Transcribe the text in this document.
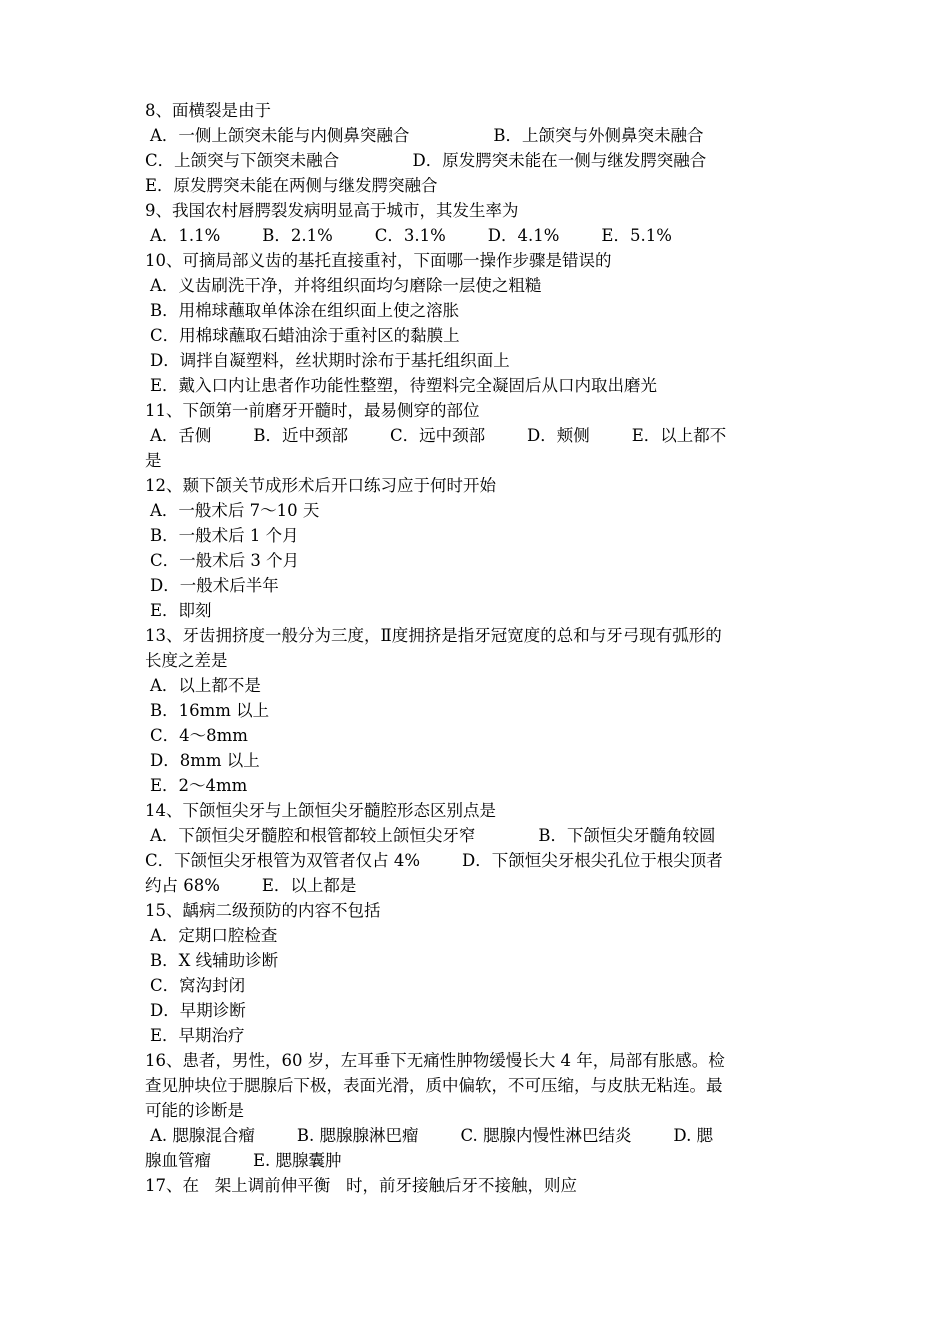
8、面横裂是由于
A．一侧上颌突未能与内侧鼻突融合                B．上颌突与外侧鼻突未融合
C．上颌突与下颌突未融合              D．原发腭突未能在一侧与继发腭突融合
E．原发腭突未能在两侧与继发腭突融合
9、我国农村唇腭裂发病明显高于城市，其发生率为
A．1.1%        B．2.1%        C．3.1%        D．4.1%        E．5.1%
10、可摘局部义齿的基托直接重衬，下面哪一操作步骤是错误的
A．义齿刷洗干净，并将组织面均匀磨除一层使之粗糙
B．用棉球蘸取单体涂在组织面上使之溶胀
C．用棉球蘸取石蜡油涂于重衬区的黏膜上
D．调拌自凝塑料，丝状期时涂布于基托组织面上
E．戴入口内让患者作功能性整塑，待塑料完全凝固后从口内取出磨光
11、下颌第一前磨牙开髓时，最易侧穿的部位
A．舌侧        B．近中颈部        C．远中颈部        D．颊侧        E．以上都不
是
12、颞下颌关节成形术后开口练习应于何时开始
A．一般术后 7～10 天
B．一般术后 1 个月
C．一般术后 3 个月
D．一般术后半年
E．即刻
13、牙齿拥挤度一般分为三度，Ⅱ度拥挤是指牙冠宽度的总和与牙弓现有弧形的
长度之差是
A．以上都不是
B．16mm 以上
C．4～8mm
D．8mm 以上
E．2～4mm
14、下颌恒尖牙与上颌恒尖牙髓腔形态区别点是
A．下颌恒尖牙髓腔和根管都较上颌恒尖牙窄            B．下颌恒尖牙髓角较圆
C．下颌恒尖牙根管为双管者仅占 4%        D．下颌恒尖牙根尖孔位于根尖顶者
约占 68%        E．以上都是
15、龋病二级预防的内容不包括
A．定期口腔检查
B．X 线辅助诊断
C．窝沟封闭
D．早期诊断
E．早期治疗
16、患者，男性，60 岁，左耳垂下无痛性肿物缓慢长大 4 年，局部有胀感。检
查见肿块位于腮腺后下极，表面光滑，质中偏软，不可压缩，与皮肤无粘连。最
可能的诊断是
A. 腮腺混合瘤        B. 腮腺腺淋巴瘤        C. 腮腺内慢性淋巴结炎        D. 腮
腺血管瘤        E. 腮腺囊肿
17、在   架上调前伸平衡   时，前牙接触后牙不接触，则应
